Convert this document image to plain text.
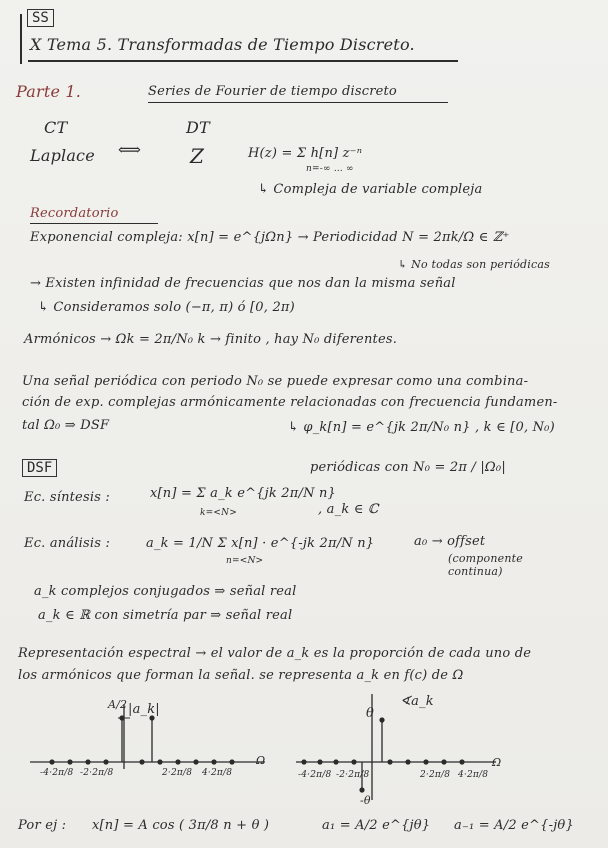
SS
X Tema 5. Transformadas de Tiempo Discreto.
Parte 1.	Series de Fourier de tiempo discreto
CT	DT
Laplace ⟺ Z	H(z) = Σ h[n] z⁻ⁿ
n=-∞ … ∞
↳ Compleja de variable compleja
Recordatorio
Exponencial compleja: x[n] = e^{jΩn} → Periodicidad N = 2πk/Ω ∈ ℤ⁺
↳ No todas son periódicas
→ Existen infinidad de frecuencias que nos dan la misma señal
↳ Consideramos solo (−π, π) ó [0, 2π)
Armónicos → Ωk = 2π/N₀ k → finito , hay N₀ diferentes.
Una señal periódica con periodo N₀ se puede expresar como una combina-
ción de exp. complejas armónicamente relacionadas con frecuencia fundamen-
tal Ω₀ ⇒ DSF	↳ φ_k[n] = e^{jk 2π/N₀ n} , k ∈ [0, N₀)
DSF	periódicas con N₀ = 2π / |Ω₀|
Ec. síntesis :	x[n] = Σ a_k e^{jk 2π/N n}
k=<N>	, a_k ∈ ℂ
Ec. análisis :	a_k = 1/N Σ x[n] · e^{-jk 2π/N n}
n=<N>
a₀ → offset
(componente continua)
a_k complejos conjugados ⇒ señal real
a_k ∈ ℝ con simetría par ⇒ señal real
Representación espectral → el valor de a_k es la proporción de cada uno de
los armónicos que forman la señal. se representa a_k en f(c) de Ω
A/2 |a_k|
Ω
-4·2π/8 -2·2π/8	2·2π/8 4·2π/8
θ
∢a_k
-θ
Ω
-4·2π/8 -2·2π/8	2·2π/8 4·2π/8
Por ej : x[n] = A cos ( 3π/8 n + θ )	a₁ = A/2 e^{jθ} a₋₁ = A/2 e^{-jθ}
